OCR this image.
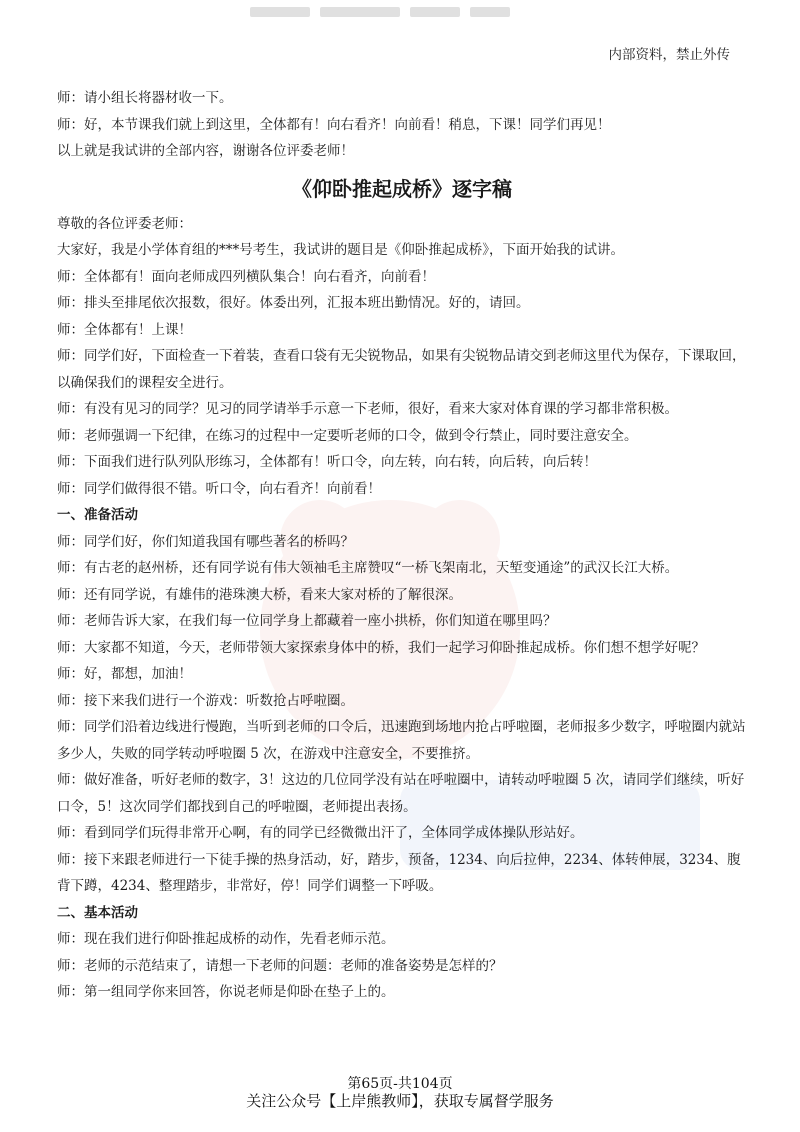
内部资料，禁止外传

师：请小组长将器材收一下。

师：好，本节课我们就上到这里，全体都有！向右看齐！向前看！稍息，下课！同学们再见！

以上就是我试讲的全部内容，谢谢各位评委老师！

《仰卧推起成桥》逐字稿

尊敬的各位评委老师：

大家好，我是小学体育组的***号考生，我试讲的题目是《仰卧推起成桥》，下面开始我的试讲。

师：全体都有！面向老师成四列横队集合！向右看齐，向前看！

师：排头至排尾依次报数，很好。体委出列，汇报本班出勤情况。好的，请回。

师：全体都有！上课！

师：同学们好，下面检查一下着装，查看口袋有无尖锐物品，如果有尖锐物品请交到老师这里代为保存，下课取回，以确保我们的课程安全进行。

师：有没有见习的同学？见习的同学请举手示意一下老师，很好，看来大家对体育课的学习都非常积极。

师：老师强调一下纪律，在练习的过程中一定要听老师的口令，做到令行禁止，同时要注意安全。

师：下面我们进行队列队形练习，全体都有！听口令，向左转，向右转，向后转，向后转！

师：同学们做得很不错。听口令，向右看齐！向前看！

一、准备活动

师：同学们好，你们知道我国有哪些著名的桥吗？

师：有古老的赵州桥，还有同学说有伟大领袖毛主席赞叹“一桥飞架南北，天堑变通途”的武汉长江大桥。

师：还有同学说，有雄伟的港珠澳大桥，看来大家对桥的了解很深。

师：老师告诉大家，在我们每一位同学身上都藏着一座小拱桥，你们知道在哪里吗？

师：大家都不知道，今天，老师带领大家探索身体中的桥，我们一起学习仰卧推起成桥。你们想不想学好呢？

师：好，都想，加油！

师：接下来我们进行一个游戏：听数抢占呼啦圈。

师：同学们沿着边线进行慢跑，当听到老师的口令后，迅速跑到场地内抢占呼啦圈，老师报多少数字，呼啦圈内就站多少人，失败的同学转动呼啦圈 5 次，在游戏中注意安全，不要推挤。

师：做好准备，听好老师的数字，3！这边的几位同学没有站在呼啦圈中，请转动呼啦圈 5 次，请同学们继续，听好口令，5！这次同学们都找到自己的呼啦圈，老师提出表扬。

师：看到同学们玩得非常开心啊，有的同学已经微微出汗了，全体同学成体操队形站好。

师：接下来跟老师进行一下徒手操的热身活动，好，踏步，预备，1234、向后拉伸，2234、体转伸展，3234、腹背下蹲，4234、整理踏步，非常好，停！同学们调整一下呼吸。

二、基本活动

师：现在我们进行仰卧推起成桥的动作，先看老师示范。

师：老师的示范结束了，请想一下老师的问题：老师的准备姿势是怎样的？

师：第一组同学你来回答，你说老师是仰卧在垫子上的。

第65页-共104页
关注公众号【上岸熊教师】，获取专属督学服务
